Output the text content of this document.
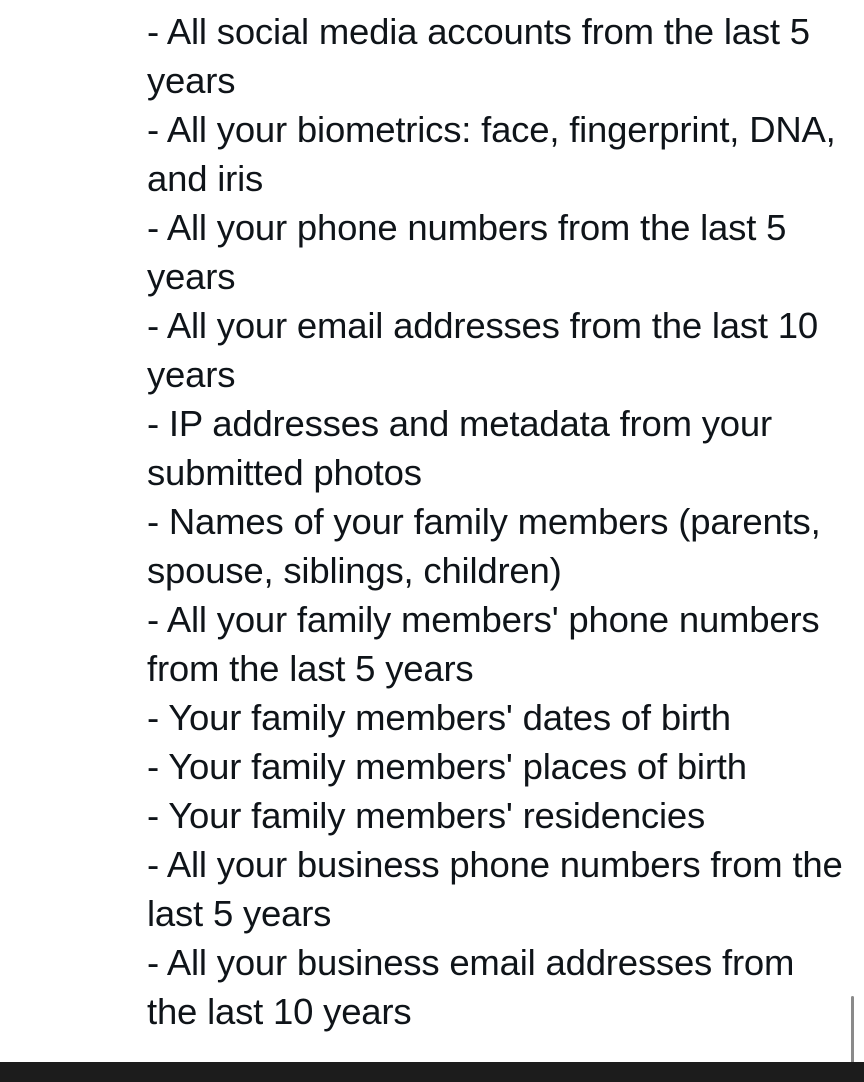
- All social media accounts from the last 5 years
- All your biometrics: face, fingerprint, DNA, and iris
- All your phone numbers from the last 5 years
- All your email addresses from the last 10 years
- IP addresses and metadata from your submitted photos
- Names of your family members (parents, spouse, siblings, children)
- All your family members' phone numbers from the last 5 years
- Your family members' dates of birth
- Your family members' places of birth
- Your family members' residencies
- All your business phone numbers from the last 5 years
- All your business email addresses from the last 10 years
